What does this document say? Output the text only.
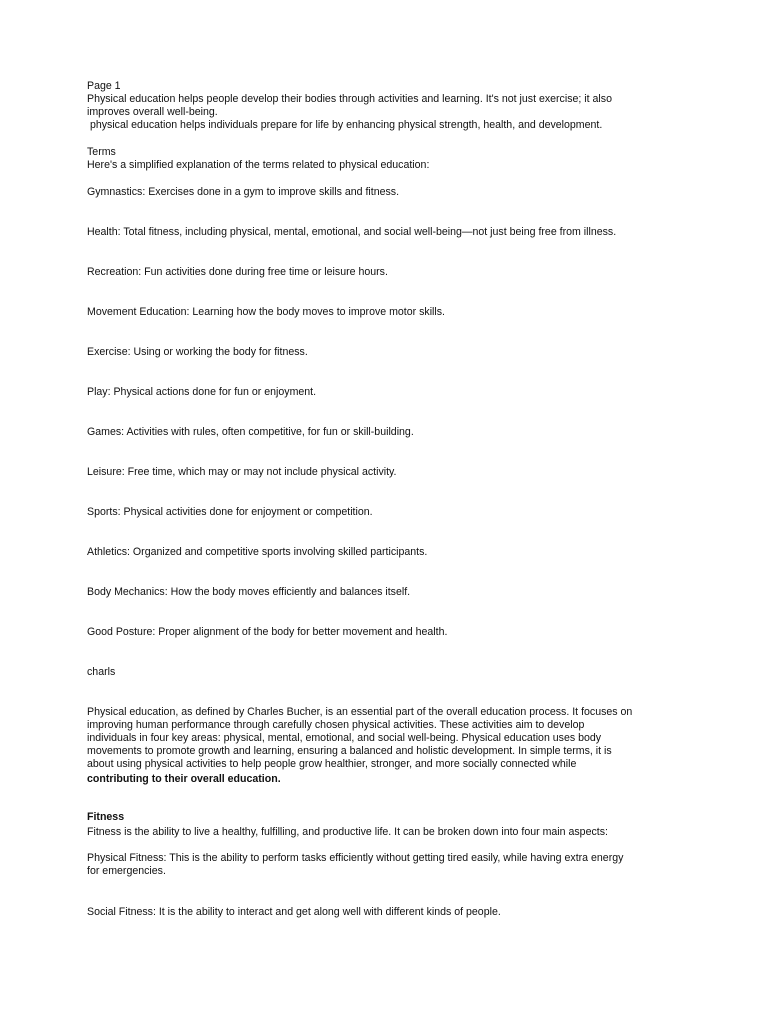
Page 1

Physical education helps people develop their bodies through activities and learning. It's not just exercise; it also

improves overall well-being.

physical education helps individuals prepare for life by enhancing physical strength, health, and development.

Terms

Here's a simplified explanation of the terms related to physical education:

Gymnastics: Exercises done in a gym to improve skills and fitness.

Health: Total fitness, including physical, mental, emotional, and social well-being—not just being free from illness.

Recreation: Fun activities done during free time or leisure hours.

Movement Education: Learning how the body moves to improve motor skills.

Exercise: Using or working the body for fitness.

Play: Physical actions done for fun or enjoyment.

Games: Activities with rules, often competitive, for fun or skill-building.

Leisure: Free time, which may or may not include physical activity.

Sports: Physical activities done for enjoyment or competition.

Athletics: Organized and competitive sports involving skilled participants.

Body Mechanics: How the body moves efficiently and balances itself.

Good Posture: Proper alignment of the body for better movement and health.

charls

Physical education, as defined by Charles Bucher, is an essential part of the overall education process. It focuses on

improving human performance through carefully chosen physical activities. These activities aim to develop

individuals in four key areas: physical, mental, emotional, and social well-being. Physical education uses body

movements to promote growth and learning, ensuring a balanced and holistic development. In simple terms, it is

about using physical activities to help people grow healthier, stronger, and more socially connected while

contributing to their overall education.

Fitness

Fitness is the ability to live a healthy, fulfilling, and productive life. It can be broken down into four main aspects:

Physical Fitness: This is the ability to perform tasks efficiently without getting tired easily, while having extra energy

for emergencies.

Social Fitness: It is the ability to interact and get along well with different kinds of people.
